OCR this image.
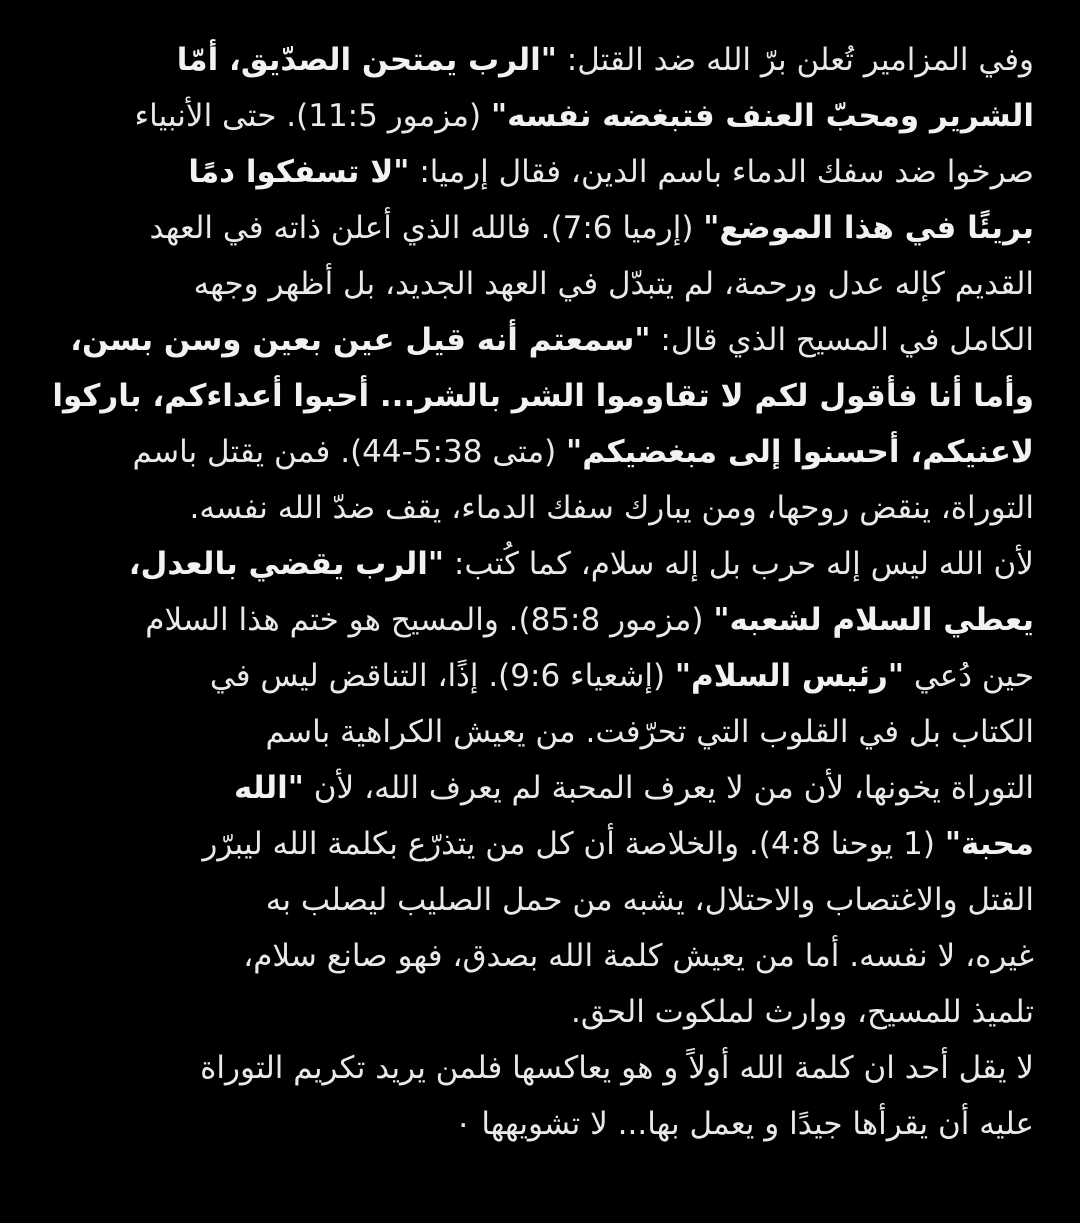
وفي المزامير تُعلن برّ الله ضد القتل: "الرب يمتحن الصدّيق، أمّا
الشرير ومحبّ العنف فتبغضه نفسه" (مزمور 11:5). حتى الأنبياء
صرخوا ضد سفك الدماء باسم الدين، فقال إرميا: "لا تسفكوا دمًا
بريئًا في هذا الموضع" (إرميا 7:6). فالله الذي أعلن ذاته في العهد
القديم كإله عدل ورحمة، لم يتبدّل في العهد الجديد، بل أظهر وجهه
الكامل في المسيح الذي قال: "سمعتم أنه قيل عين بعين وسن بسن،
وأما أنا فأقول لكم لا تقاوموا الشر بالشر... أحبوا أعداءكم، باركوا
لاعنيكم، أحسنوا إلى مبغضيكم" (متى 5:38-44). فمن يقتل باسم
التوراة، ينقض روحها، ومن يبارك سفك الدماء، يقف ضدّ الله نفسه.
لأن الله ليس إله حرب بل إله سلام، كما كُتب: "الرب يقضي بالعدل،
يعطي السلام لشعبه" (مزمور 85:8). والمسيح هو ختم هذا السلام
حين دُعي "رئيس السلام" (إشعياء 9:6). إذًا، التناقض ليس في
الكتاب بل في القلوب التي تحرّفت. من يعيش الكراهية باسم
التوراة يخونها، لأن من لا يعرف المحبة لم يعرف الله، لأن "الله
محبة" (1 يوحنا 4:8). والخلاصة أن كل من يتذرّع بكلمة الله ليبرّر
القتل والاغتصاب والاحتلال، يشبه من حمل الصليب ليصلب به
غيره، لا نفسه. أما من يعيش كلمة الله بصدق، فهو صانع سلام،
تلميذ للمسيح، ووارث لملكوت الحق.
لا يقل أحد ان كلمة الله أولاً و هو يعاكسها فلمن يريد تكريم التوراة
عليه أن يقرأها جيدًا و يعمل بها... لا تشويهها ٠
